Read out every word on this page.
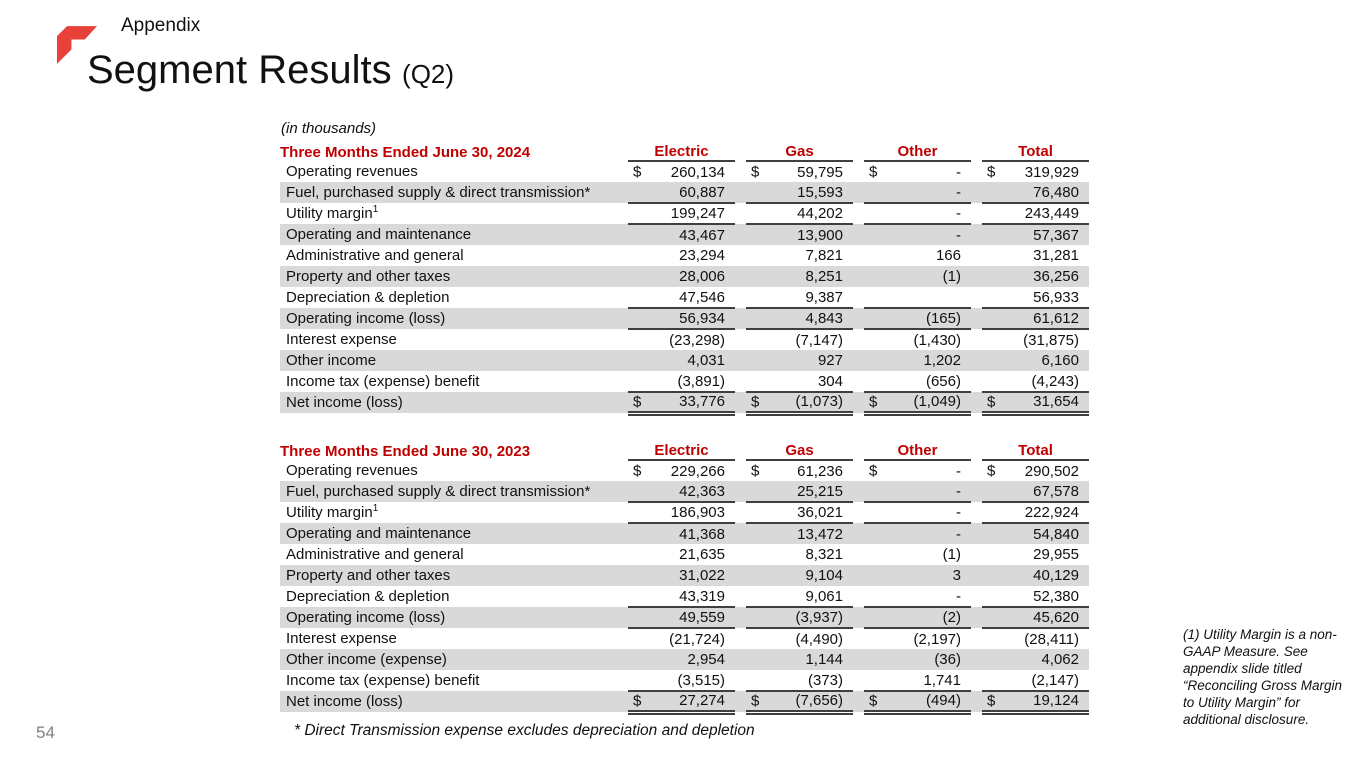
Appendix
Segment Results (Q2)
(in thousands)
Three Months Ended June 30, 2024	Electric		Gas		Other		Total
Operating revenues	$ 260,134		$ 59,795		$ -		$ 319,929
Fuel, purchased supply & direct transmission*	60,887		15,593		-		76,480
Utility margin$^1$	199,247		44,202		-		243,449
Operating and maintenance	43,467		13,900		-		57,367
Administrative and general	23,294		7,821		166		31,281
Property and other taxes	28,006		8,251		(1)		36,256
Depreciation & depletion	47,546		9,387				56,933
Operating income (loss)	56,934		4,843		(165)		61,612
Interest expense	(23,298)		(7,147)		(1,430)		(31,875)
Other income	4,031		927		1,202		6,160
Income tax (expense) benefit	(3,891)		304		(656)		(4,243)
Net income (loss)	$ 33,776		$ (1,073)		$ (1,049)		$ 31,654
Three Months Ended June 30, 2023	Electric		Gas		Other		Total
Operating revenues	$ 229,266		$ 61,236		$ -		$ 290,502
Fuel, purchased supply & direct transmission*	42,363		25,215		-		67,578
Utility margin$^1$	186,903		36,021		-		222,924
Operating and maintenance	41,368		13,472		-		54,840
Administrative and general	21,635		8,321		(1)		29,955
Property and other taxes	31,022		9,104		3		40,129
Depreciation & depletion	43,319		9,061		-		52,380
Operating income (loss)	49,559		(3,937)		(2)		45,620
Interest expense	(21,724)		(4,490)		(2,197)		(28,411)
Other income (expense)	2,954		1,144		(36)		4,062
Income tax (expense) benefit	(3,515)		(373)		1,741		(2,147)
Net income (loss)	$ 27,274		$ (7,656)		$ (494)		$ 19,124
* Direct Transmission expense excludes depreciation and depletion
(1) Utility Margin is a non-GAAP Measure. See appendix slide titled “Reconciling Gross Margin to Utility Margin” for additional disclosure.
54
